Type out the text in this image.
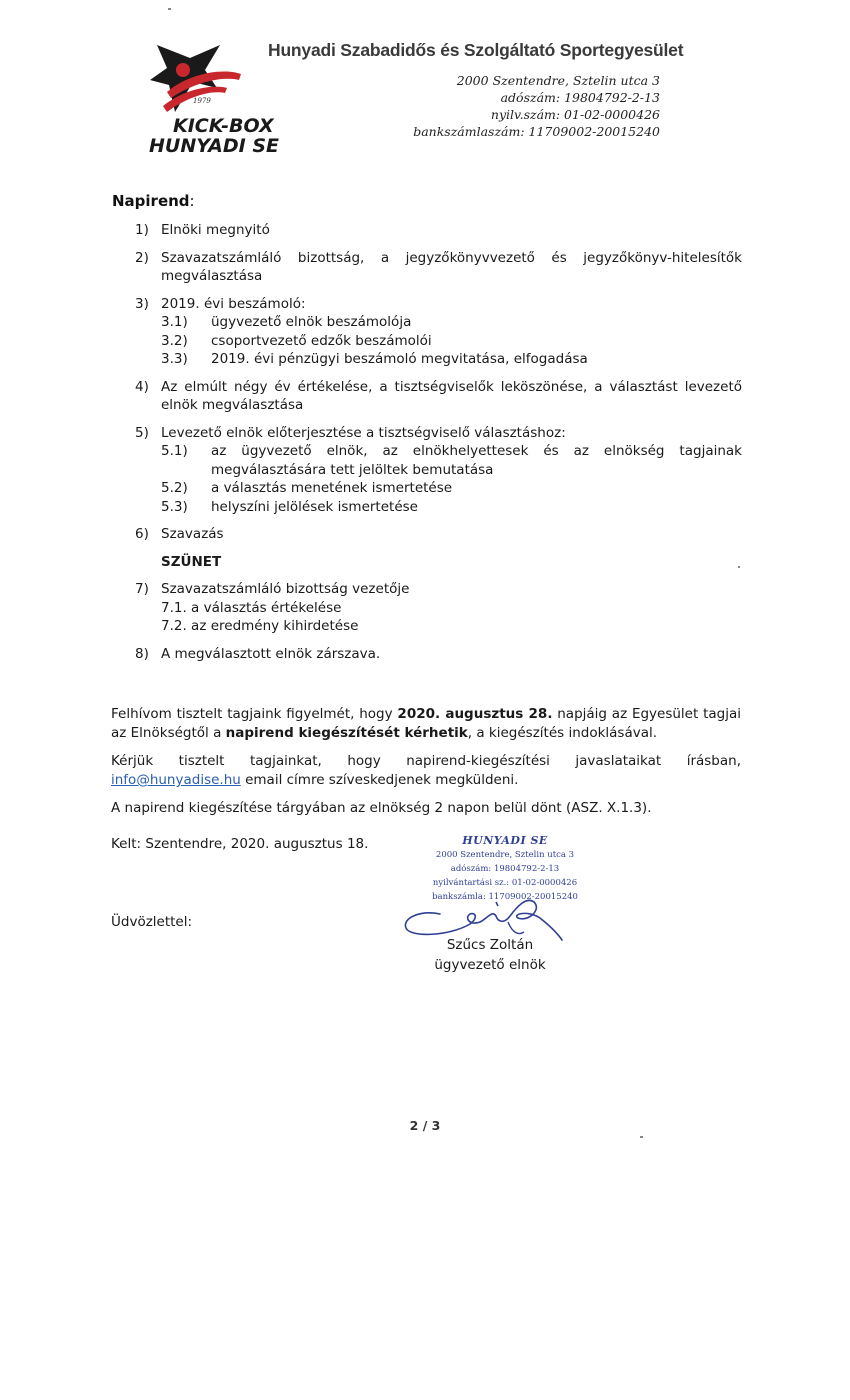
1979
KICK-BOX
HUNYADI SE
Hunyadi Szabadidős és Szolgáltató Sportegyesület
2000 Szentendre, Sztelin utca 3
adószám: 19804792-2-13
nyilv.szám: 01-02-0000426
bankszámlaszám: 11709002-20015240
Napirend:
1) Elnöki megnyitó
2) Szavazatszámláló bizottság, a jegyzőkönyvvezető és jegyzőkönyv-hitelesítők megválasztása
3) 2019. évi beszámoló:
3.1)	ügyvezető elnök beszámolója
3.2)	csoportvezető edzők beszámolói
3.3)	2019. évi pénzügyi beszámoló megvitatása, elfogadása
4) Az elmúlt négy év értékelése, a tisztségviselők leköszönése, a választást levezető elnök megválasztása
5) Levezető elnök előterjesztése a tisztségviselő választáshoz:
5.1)	az ügyvezető elnök, az elnökhelyettesek és az elnökség tagjainak megválasztására tett jelöltek bemutatása
5.2)	a választás menetének ismertetése
5.3)	helyszíni jelölések ismertetése
6) Szavazás
SZÜNET
7) Szavazatszámláló bizottság vezetője
7.1. a választás értékelése
7.2. az eredmény kihirdetése
8) A megválasztott elnök zárszava.

Felhívom tisztelt tagjaink figyelmét, hogy 2020. augusztus 28. napjáig az Egyesület tagjai az Elnökségtől a napirend kiegészítését kérhetik, a kiegészítés indoklásával.

Kérjük tisztelt tagjainkat, hogy napirend-kiegészítési javaslataikat írásban, info@hunyadise.hu email címre szíveskedjenek megküldeni.

A napirend kiegészítése tárgyában az elnökség 2 napon belül dönt (ASZ. X.1.3).

Kelt: Szentendre, 2020. augusztus 18.
Üdvözlettel:
HUNYADI SE
2000 Szentendre, Sztelin utca 3
adószám: 19804792-2-13
nyilvántartási sz.: 01-02-0000426
bankszámla: 11709002-20015240
Szűcs Zoltán
ügyvezető elnök
2 / 3
